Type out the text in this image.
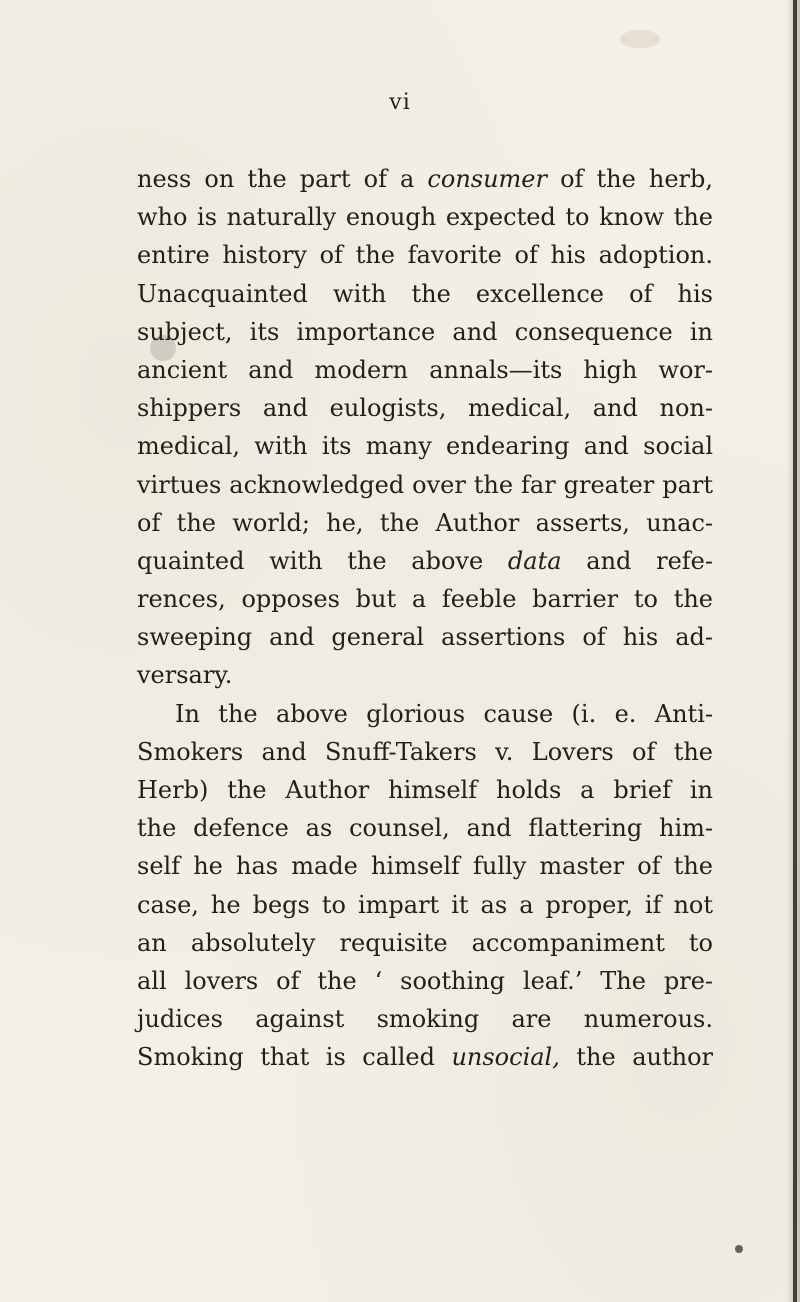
vi
ness on the part of a consumer of the herb,
who is naturally enough expected to know the
entire history of the favorite of his adoption.
Unacquainted with the excellence of his
subject, its importance and consequence in
ancient and modern annals—its high wor-
shippers and eulogists, medical, and non-
medical, with its many endearing and social
virtues acknowledged over the far greater part
of the world; he, the Author asserts, unac-
quainted with the above data and refe-
rences, opposes but a feeble barrier to the
sweeping and general assertions of his ad-
versary.
In the above glorious cause (i. e. Anti-
Smokers and Snuff-Takers v. Lovers of the
Herb) the Author himself holds a brief in
the defence as counsel, and flattering him-
self he has made himself fully master of the
case, he begs to impart it as a proper, if not
an absolutely requisite accompaniment to
all lovers of the ‘ soothing leaf.’ The pre-
judices against smoking are numerous.
Smoking that is called unsocial, the author
